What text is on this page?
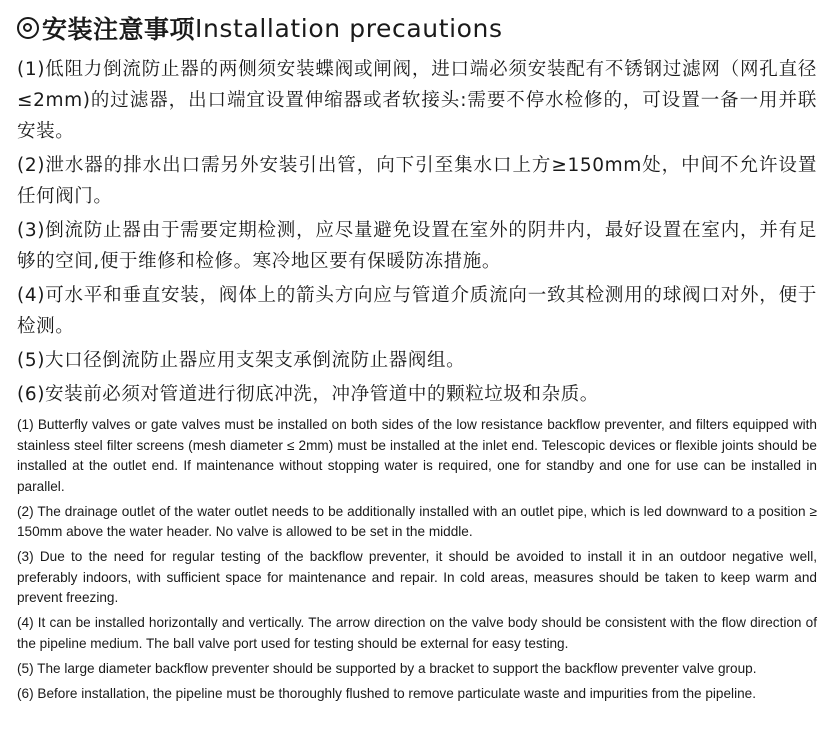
安装注意事项 Installation precautions
(1)低阻力倒流防止器的两侧须安装蝶阀或闸阀，进口端必须安装配有不锈钢过滤网（网孔直径≤2mm)的过滤器，出口端宜设置伸缩器或者软接头:需要不停水检修的，可设置一备一用并联安装。
(2)泄水器的排水出口需另外安装引出管，向下引至集水口上方≥150mm处，中间不允许设置任何阀门。
(3)倒流防止器由于需要定期检测，应尽量避免设置在室外的阴井内，最好设置在室内，并有足够的空间,便于维修和检修。寒冷地区要有保暖防冻措施。
(4)可水平和垂直安装，阀体上的箭头方向应与管道介质流向一致其检测用的球阀口对外，便于检测。
(5)大口径倒流防止器应用支架支承倒流防止器阀组。
(6)安装前必须对管道进行彻底冲洗，冲净管道中的颗粒垃圾和杂质。
(1) Butterfly valves or gate valves must be installed on both sides of the low resistance backflow preventer, and filters equipped with stainless steel filter screens (mesh diameter ≤ 2mm) must be installed at the inlet end. Telescopic devices or flexible joints should be installed at the outlet end. If maintenance without stopping water is required, one for standby and one for use can be installed in parallel.
(2) The drainage outlet of the water outlet needs to be additionally installed with an outlet pipe, which is led downward to a position ≥ 150mm above the water header. No valve is allowed to be set in the middle.
(3) Due to the need for regular testing of the backflow preventer, it should be avoided to install it in an outdoor negative well, preferably indoors, with sufficient space for maintenance and repair. In cold areas, measures should be taken to keep warm and prevent freezing.
(4) It can be installed horizontally and vertically. The arrow direction on the valve body should be consistent with the flow direction of the pipeline medium. The ball valve port used for testing should be external for easy testing.
(5) The large diameter backflow preventer should be supported by a bracket to support the backflow preventer valve group.
(6) Before installation, the pipeline must be thoroughly flushed to remove particulate waste and impurities from the pipeline.
